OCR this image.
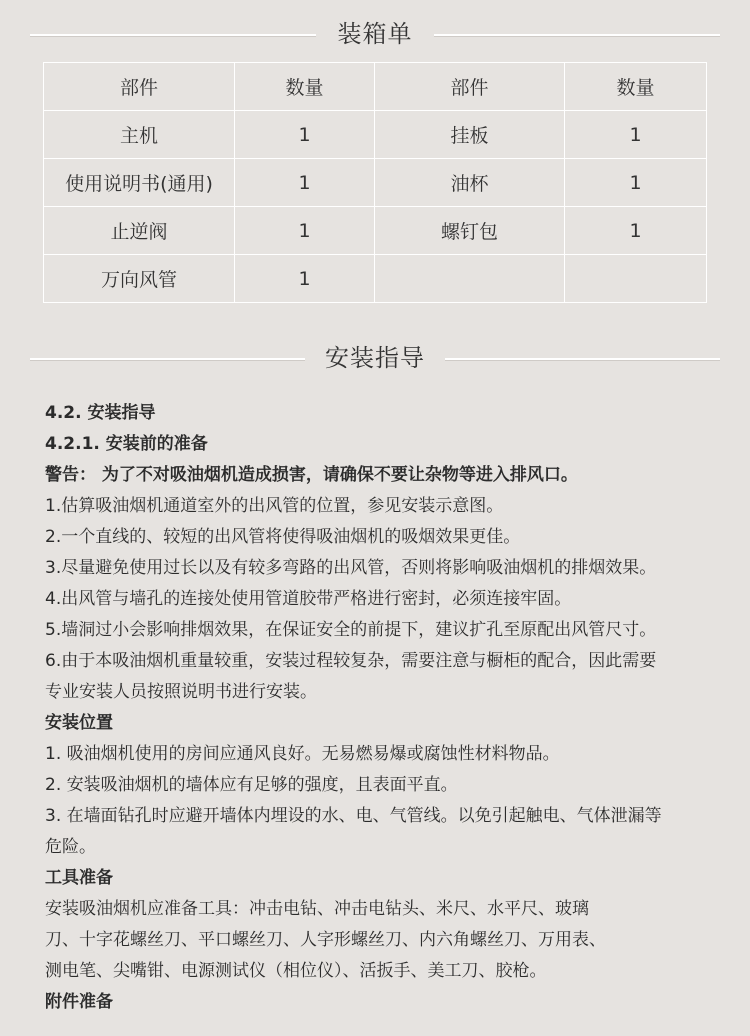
装箱单
部件	数量	部件	数量
主机	1	挂板	1
使用说明书(通用)	1	油杯	1
止逆阀	1	螺钉包	1
万向风管	1		
安装指导

4.2. 安装指导

4.2.1. 安装前的准备

警告： 为了不对吸油烟机造成损害，请确保不要让杂物等进入排风口。

1.估算吸油烟机通道室外的出风管的位置，参见安装示意图。

2.一个直线的、较短的出风管将使得吸油烟机的吸烟效果更佳。

3.尽量避免使用过长以及有较多弯路的出风管，否则将影响吸油烟机的排烟效果。

4.出风管与墙孔的连接处使用管道胶带严格进行密封，必须连接牢固。

5.墙洞过小会影响排烟效果，在保证安全的前提下，建议扩孔至原配出风管尺寸。

6.由于本吸油烟机重量较重，安装过程较复杂，需要注意与橱柜的配合，因此需要

专业安装人员按照说明书进行安装。

安装位置

1. 吸油烟机使用的房间应通风良好。无易燃易爆或腐蚀性材料物品。

2. 安装吸油烟机的墙体应有足够的强度，且表面平直。

3. 在墙面钻孔时应避开墙体内埋设的水、电、气管线。以免引起触电、气体泄漏等

危险。

工具准备

安装吸油烟机应准备工具：冲击电钻、冲击电钻头、米尺、水平尺、玻璃

刀、十字花螺丝刀、平口螺丝刀、人字形螺丝刀、内六角螺丝刀、万用表、

测电笔、尖嘴钳、电源测试仪（相位仪）、活扳手、美工刀、胶枪。

附件准备
